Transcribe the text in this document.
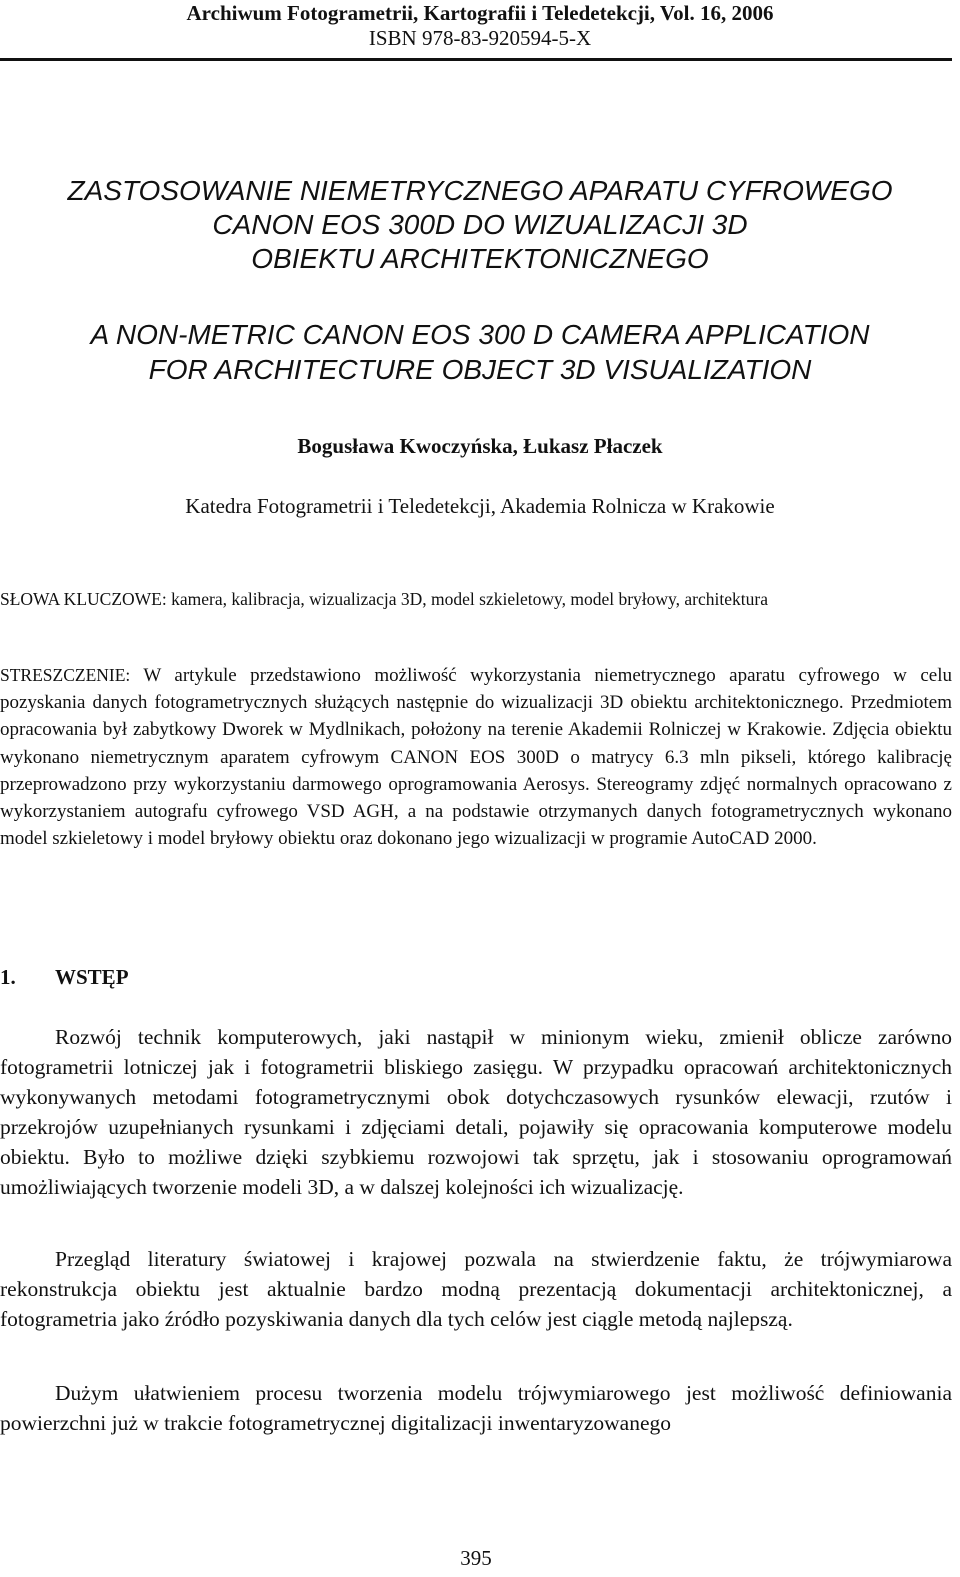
Archiwum Fotogrametrii, Kartografii i Teledetekcji, Vol. 16, 2006
ISBN 978-83-920594-5-X
ZASTOSOWANIE NIEMETRYCZNEGO APARATU CYFROWEGO
CANON EOS 300D DO WIZUALIZACJI 3D
OBIEKTU ARCHITEKTONICZNEGO
A NON-METRIC CANON EOS 300 D CAMERA APPLICATION
FOR ARCHITECTURE OBJECT 3D VISUALIZATION
Bogusława Kwoczyńska, Łukasz Płaczek
Katedra Fotogrametrii i Teledetekcji, Akademia Rolnicza w Krakowie

SŁOWA KLUCZOWE: kamera, kalibracja, wizualizacja 3D, model szkieletowy, model bryłowy, architektura

STRESZCZENIE: W artykule przedstawiono możliwość wykorzystania niemetrycznego aparatu cyfrowego w celu pozyskania danych fotogrametrycznych służących następnie do wizualizacji 3D obiektu architektonicznego. Przedmiotem opracowania był zabytkowy Dworek w Mydlnikach, położony na terenie Akademii Rolniczej w Krakowie. Zdjęcia obiektu wykonano niemetrycznym aparatem cyfrowym CANON EOS 300D o matrycy 6.3 mln pikseli, którego kalibrację przeprowadzono przy wykorzystaniu darmowego oprogramowania Aerosys. Stereogramy zdjęć normalnych opracowano z wykorzystaniem autografu cyfrowego VSD AGH, a na podstawie otrzymanych danych fotogrametrycznych wykonano model szkieletowy i model bryłowy obiektu oraz dokonano jego wizualizacji w programie AutoCAD 2000.

1. WSTĘP

Rozwój technik komputerowych, jaki nastąpił w minionym wieku, zmienił oblicze zarówno fotogrametrii lotniczej jak i fotogrametrii bliskiego zasięgu. W przypadku opracowań architektonicznych wykonywanych metodami fotogrametrycznymi obok dotychczasowych rysunków elewacji, rzutów i przekrojów uzupełnianych rysunkami i zdjęciami detali, pojawiły się opracowania komputerowe modelu obiektu. Było to możliwe dzięki szybkiemu rozwojowi tak sprzętu, jak i stosowaniu oprogramowań umożliwiających tworzenie modeli 3D, a w dalszej kolejności ich wizualizację.

Przegląd literatury światowej i krajowej pozwala na stwierdzenie faktu, że trójwymiarowa rekonstrukcja obiektu jest aktualnie bardzo modną prezentacją dokumentacji architektonicznej, a fotogrametria jako źródło pozyskiwania danych dla tych celów jest ciągle metodą najlepszą.

Dużym ułatwieniem procesu tworzenia modelu trójwymiarowego jest możliwość definiowania powierzchni już w trakcie fotogrametrycznej digitalizacji inwentaryzowanego

395
